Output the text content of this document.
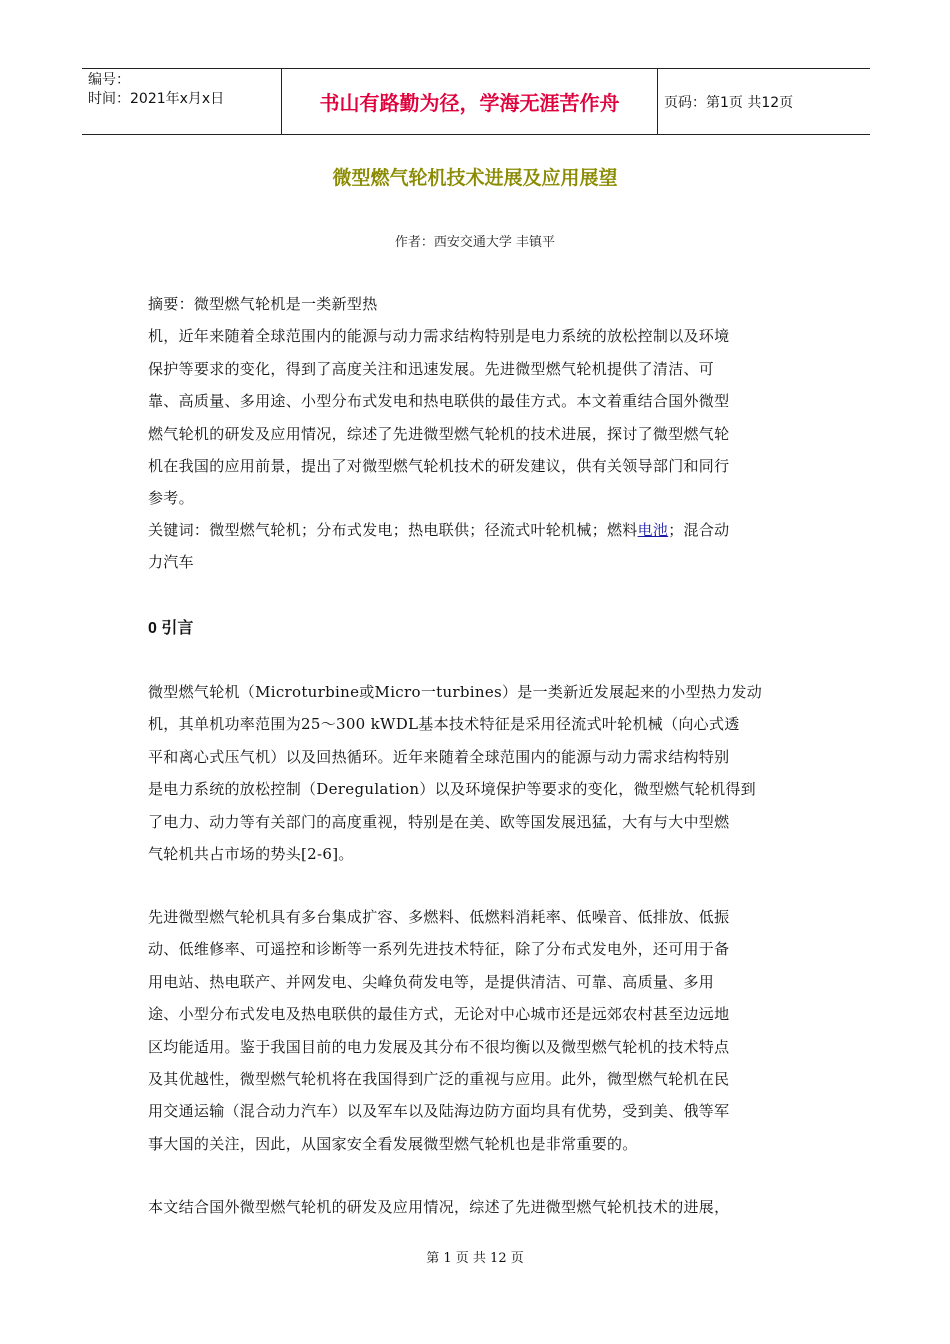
编号：
时间：2021年x月x日	书山有路勤为径，学海无涯苦作舟	页码：第1页 共12页
微型燃气轮机技术进展及应用展望
作者：西安交通大学 丰镇平
摘要：微型燃气轮机是一类新型热
机，近年来随着全球范围内的能源与动力需求结构特别是电力系统的放松控制以及环境
保护等要求的变化，得到了高度关注和迅速发展。先进微型燃气轮机提供了清洁、可
靠、高质量、多用途、小型分布式发电和热电联供的最佳方式。本文着重结合国外微型
燃气轮机的研发及应用情况，综述了先进微型燃气轮机的技术进展，探讨了微型燃气轮
机在我国的应用前景，提出了对微型燃气轮机技术的研发建议，供有关领导部门和同行
参考。
关键词：微型燃气轮机；分布式发电；热电联供；径流式叶轮机械；燃料电池；混合动
力汽车
0 引言
微型燃气轮机（Microturbine或Micro一turbines）是一类新近发展起来的小型热力发动
机，其单机功率范围为25～300 kWDL基本技术特征是采用径流式叶轮机械（向心式透
平和离心式压气机）以及回热循环。近年来随着全球范围内的能源与动力需求结构特别
是电力系统的放松控制（Deregulation）以及环境保护等要求的变化，微型燃气轮机得到
了电力、动力等有关部门的高度重视，特别是在美、欧等国发展迅猛，大有与大中型燃
气轮机共占市场的势头[2-6]。
先进微型燃气轮机具有多台集成扩容、多燃料、低燃料消耗率、低噪音、低排放、低振
动、低维修率、可遥控和诊断等一系列先进技术特征，除了分布式发电外，还可用于备
用电站、热电联产、并网发电、尖峰负荷发电等，是提供清洁、可靠、高质量、多用
途、小型分布式发电及热电联供的最佳方式，无论对中心城市还是远郊农村甚至边远地
区均能适用。鉴于我国目前的电力发展及其分布不很均衡以及微型燃气轮机的技术特点
及其优越性，微型燃气轮机将在我国得到广泛的重视与应用。此外，微型燃气轮机在民
用交通运输（混合动力汽车）以及军车以及陆海边防方面均具有优势，受到美、俄等军
事大国的关注，因此，从国家安全看发展微型燃气轮机也是非常重要的。
本文结合国外微型燃气轮机的研发及应用情况，综述了先进微型燃气轮机技术的进展，
第 1 页 共 12 页
